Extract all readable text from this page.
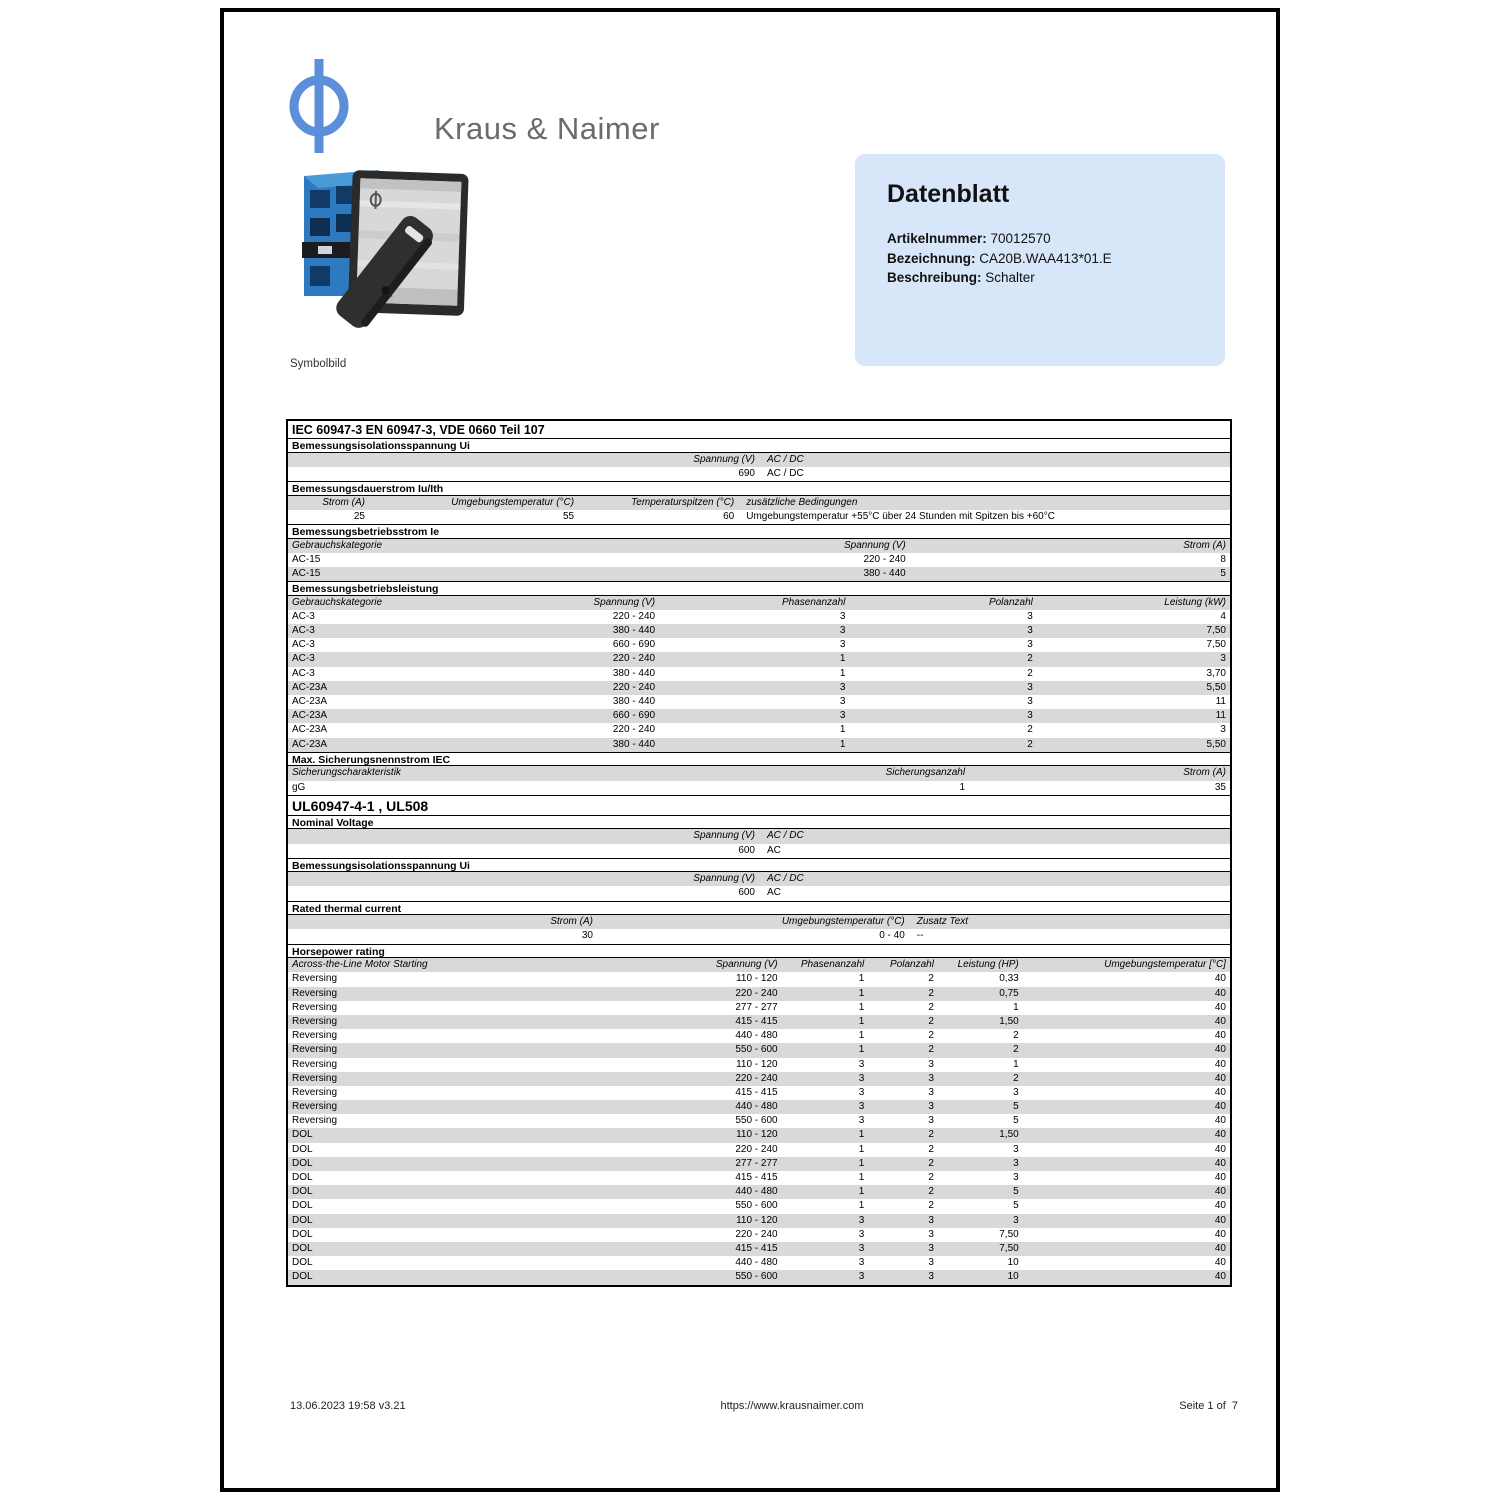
Kraus & Naimer
Symbolbild
Datenblatt
Artikelnummer: 70012570
Bezeichnung: CA20B.WAA413*01.E
Beschreibung: Schalter
IEC 60947-3 EN 60947-3, VDE 0660 Teil 107
Bemessungsisolationsspannung Ui
Spannung (V)	AC / DC
690	AC / DC
Bemessungsdauerstrom Iu/Ith
Strom (A)	Umgebungstemperatur (°C)	Temperaturspitzen (°C)	zusätzliche Bedingungen
25	55	60	Umgebungstemperatur +55°C über 24 Stunden mit Spitzen bis +60°C
Bemessungsbetriebsstrom Ie
Gebrauchskategorie	Spannung (V)	Strom (A)
AC-15	220 - 240	8
AC-15	380 - 440	5
Bemessungsbetriebsleistung
Gebrauchskategorie	Spannung (V)	Phasenanzahl	Polanzahl	Leistung (kW)
AC-3	220 - 240	3	3	4
AC-3	380 - 440	3	3	7,50
AC-3	660 - 690	3	3	7,50
AC-3	220 - 240	1	2	3
AC-3	380 - 440	1	2	3,70
AC-23A	220 - 240	3	3	5,50
AC-23A	380 - 440	3	3	11
AC-23A	660 - 690	3	3	11
AC-23A	220 - 240	1	2	3
AC-23A	380 - 440	1	2	5,50
Max. Sicherungsnennstrom IEC
Sicherungscharakteristik	Sicherungsanzahl	Strom (A)
gG	1	35
UL60947-4-1 , UL508
Nominal Voltage
Spannung (V)	AC / DC
600	AC
Bemessungsisolationsspannung Ui
Spannung (V)	AC / DC
600	AC
Rated thermal current
Strom (A)	Umgebungstemperatur (°C)	Zusatz Text
30	0 - 40	--
Horsepower rating
Across-the-Line Motor Starting	Spannung (V)	Phasenanzahl	Polanzahl	Leistung (HP)	Umgebungstemperatur [°C]
Reversing	110 - 120	1	2	0,33	40
Reversing	220 - 240	1	2	0,75	40
Reversing	277 - 277	1	2	1	40
Reversing	415 - 415	1	2	1,50	40
Reversing	440 - 480	1	2	2	40
Reversing	550 - 600	1	2	2	40
Reversing	110 - 120	3	3	1	40
Reversing	220 - 240	3	3	2	40
Reversing	415 - 415	3	3	3	40
Reversing	440 - 480	3	3	5	40
Reversing	550 - 600	3	3	5	40
DOL	110 - 120	1	2	1,50	40
DOL	220 - 240	1	2	3	40
DOL	277 - 277	1	2	3	40
DOL	415 - 415	1	2	3	40
DOL	440 - 480	1	2	5	40
DOL	550 - 600	1	2	5	40
DOL	110 - 120	3	3	3	40
DOL	220 - 240	3	3	7,50	40
DOL	415 - 415	3	3	7,50	40
DOL	440 - 480	3	3	10	40
DOL	550 - 600	3	3	10	40
13.06.2023 19:58 v3.21	https://www.krausnaimer.com	Seite 1 of  7
